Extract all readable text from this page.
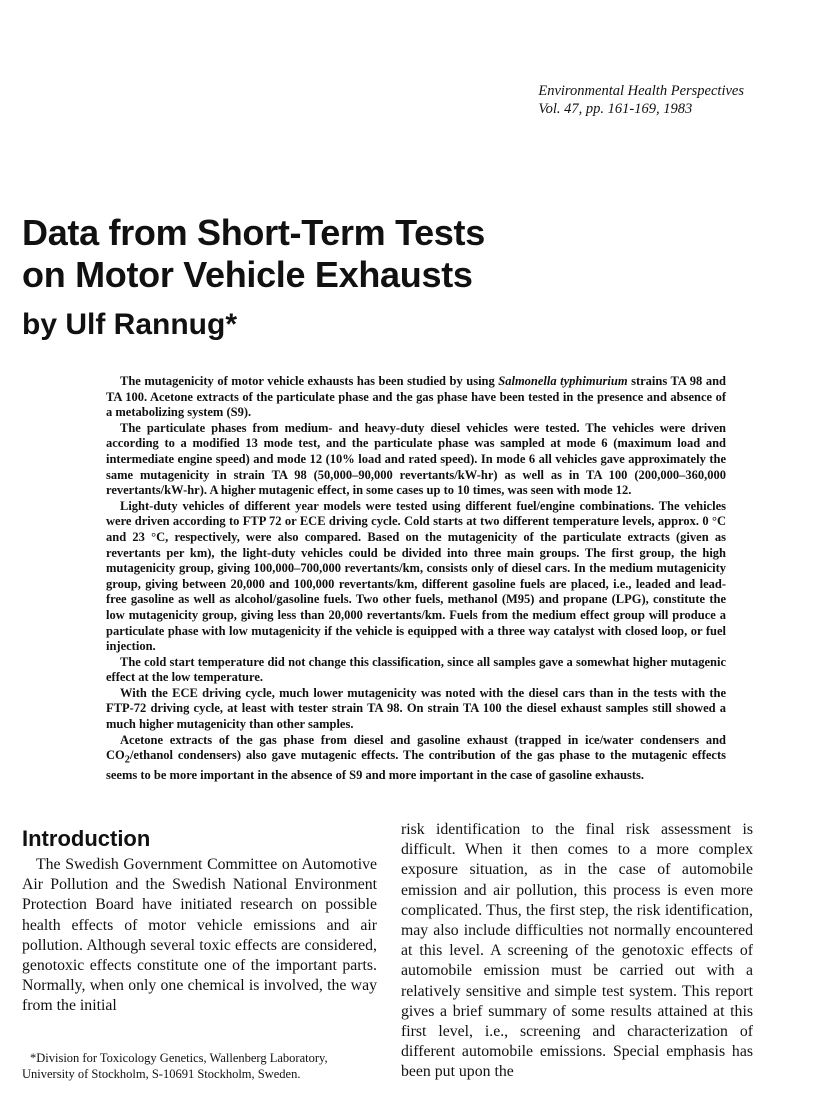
Environmental Health Perspectives
Vol. 47, pp. 161-169, 1983
Data from Short-Term Tests
on Motor Vehicle Exhausts
by Ulf Rannug*

The mutagenicity of motor vehicle exhausts has been studied by using Salmonella typhimurium strains TA 98 and TA 100. Acetone extracts of the particulate phase and the gas phase have been tested in the presence and absence of a metabolizing system (S9).

The particulate phases from medium- and heavy-duty diesel vehicles were tested. The vehicles were driven according to a modified 13 mode test, and the particulate phase was sampled at mode 6 (maximum load and intermediate engine speed) and mode 12 (10% load and rated speed). In mode 6 all vehicles gave approximately the same mutagenicity in strain TA 98 (50,000–90,000 revertants/kW-hr) as well as in TA 100 (200,000–360,000 revertants/kW-hr). A higher mutagenic effect, in some cases up to 10 times, was seen with mode 12.

Light-duty vehicles of different year models were tested using different fuel/engine combinations. The vehicles were driven according to FTP 72 or ECE driving cycle. Cold starts at two different temperature levels, approx. 0 °C and 23 °C, respectively, were also compared. Based on the mutagenicity of the particulate extracts (given as revertants per km), the light-duty vehicles could be divided into three main groups. The first group, the high mutagenicity group, giving 100,000–700,000 revertants/km, consists only of diesel cars. In the medium mutagenicity group, giving between 20,000 and 100,000 revertants/km, different gasoline fuels are placed, i.e., leaded and lead-free gasoline as well as alcohol/gasoline fuels. Two other fuels, methanol (M95) and propane (LPG), constitute the low mutagenicity group, giving less than 20,000 revertants/km. Fuels from the medium effect group will produce a particulate phase with low mutagenicity if the vehicle is equipped with a three way catalyst with closed loop, or fuel injection.

The cold start temperature did not change this classification, since all samples gave a somewhat higher mutagenic effect at the low temperature.

With the ECE driving cycle, much lower mutagenicity was noted with the diesel cars than in the tests with the FTP-72 driving cycle, at least with tester strain TA 98. On strain TA 100 the diesel exhaust samples still showed a much higher mutagenicity than other samples.

Acetone extracts of the gas phase from diesel and gasoline exhaust (trapped in ice/water condensers and $CO_2$/ethanol condensers) also gave mutagenic effects. The contribution of the gas phase to the mutagenic effects seems to be more important in the absence of S9 and more important in the case of gasoline exhausts.

Introduction

The Swedish Government Committee on Automotive Air Pollution and the Swedish National Environment Protection Board have initiated research on possible health effects of motor vehicle emissions and air pollution. Although several toxic effects are considered, genotoxic effects constitute one of the important parts. Normally, when only one chemical is involved, the way from the initial

risk identification to the final risk assessment is difficult. When it then comes to a more complex exposure situation, as in the case of automobile emission and air pollution, this process is even more complicated. Thus, the first step, the risk identification, may also include difficulties not normally encountered at this level. A screening of the genotoxic effects of automobile emission must be carried out with a relatively sensitive and simple test system. This report gives a brief summary of some results attained at this first level, i.e., screening and characterization of different automobile emissions. Special emphasis has been put upon the

*Division for Toxicology Genetics, Wallenberg Laboratory, University of Stockholm, S-10691 Stockholm, Sweden.
